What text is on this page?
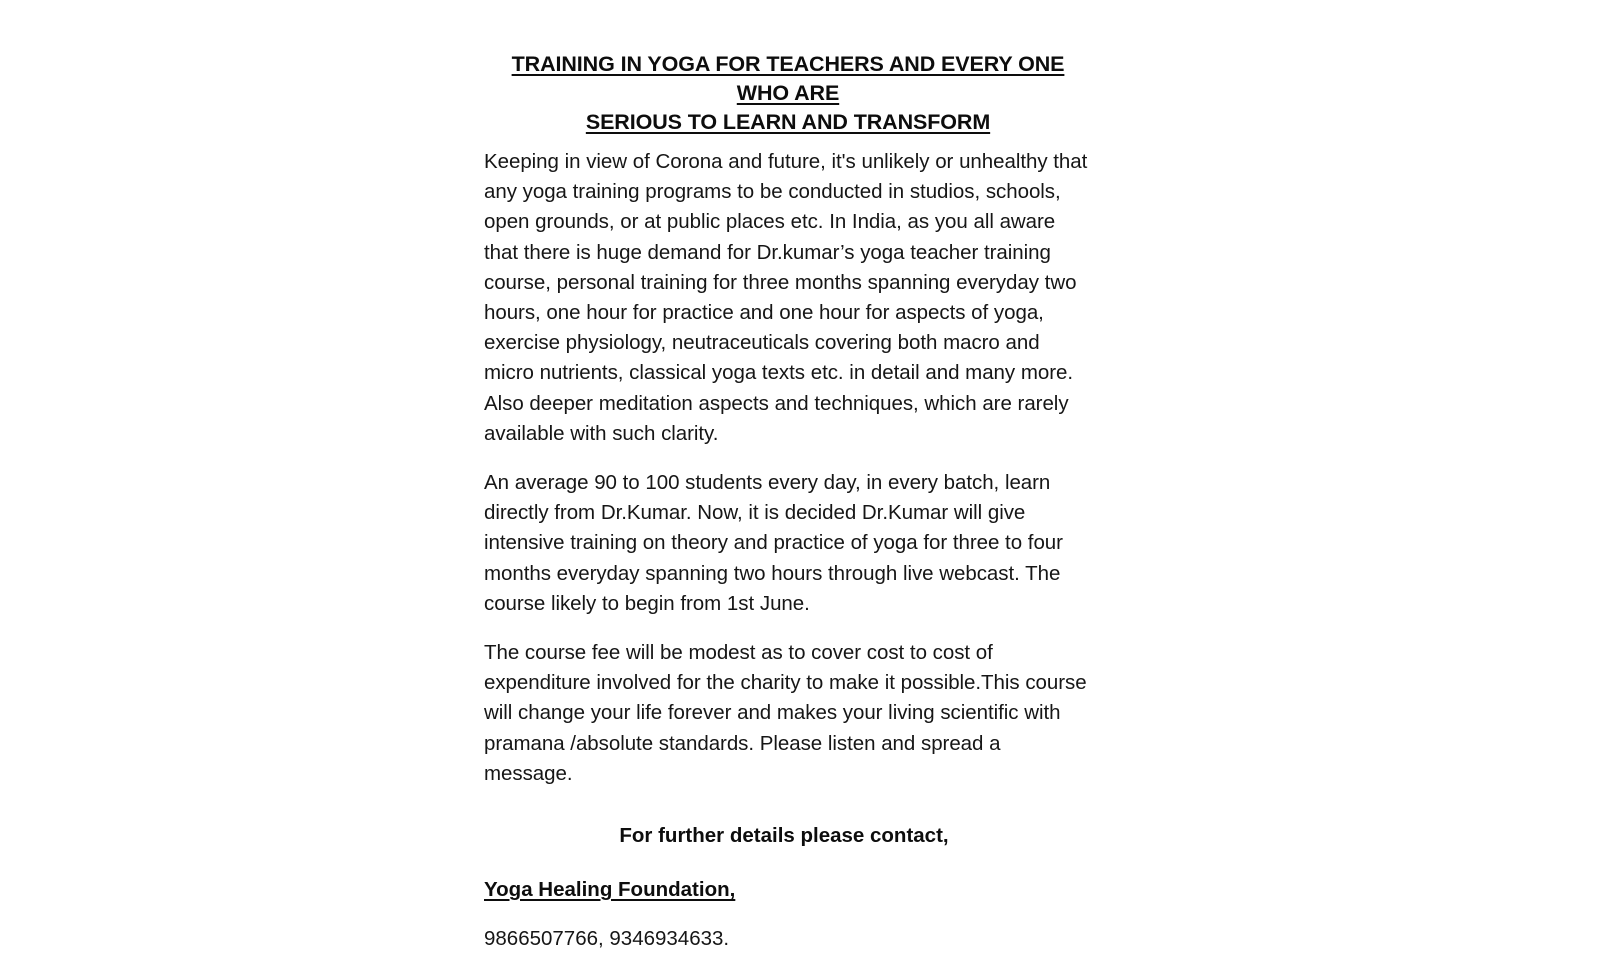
TRAINING IN YOGA FOR TEACHERS AND EVERY ONE WHO ARE
SERIOUS TO LEARN AND TRANSFORM

Keeping in view of Corona and future, it's unlikely or unhealthy that any yoga training programs to be conducted in studios, schools, open grounds, or at public places etc. In India, as you all aware that there is huge demand for Dr.kumar’s yoga teacher training course, personal training for three months spanning everyday two hours, one hour for practice and one hour for aspects of yoga, exercise physiology, neutraceuticals covering both macro and micro nutrients, classical yoga texts etc. in detail and many more. Also deeper meditation aspects and techniques, which are rarely available with such clarity.

An average 90 to 100 students every day, in every batch, learn directly from Dr.Kumar. Now, it is decided Dr.Kumar will give intensive training on theory and practice of yoga for three to four months everyday spanning two hours through live webcast. The course likely to begin from 1st June.

The course fee will be modest as to cover cost to cost of expenditure involved for the charity to make it possible.This course will change your life forever and makes your living scientific with pramana /absolute standards. Please listen and spread a message.

For further details please contact,

Yoga Healing Foundation,

9866507766, 9346934633.
